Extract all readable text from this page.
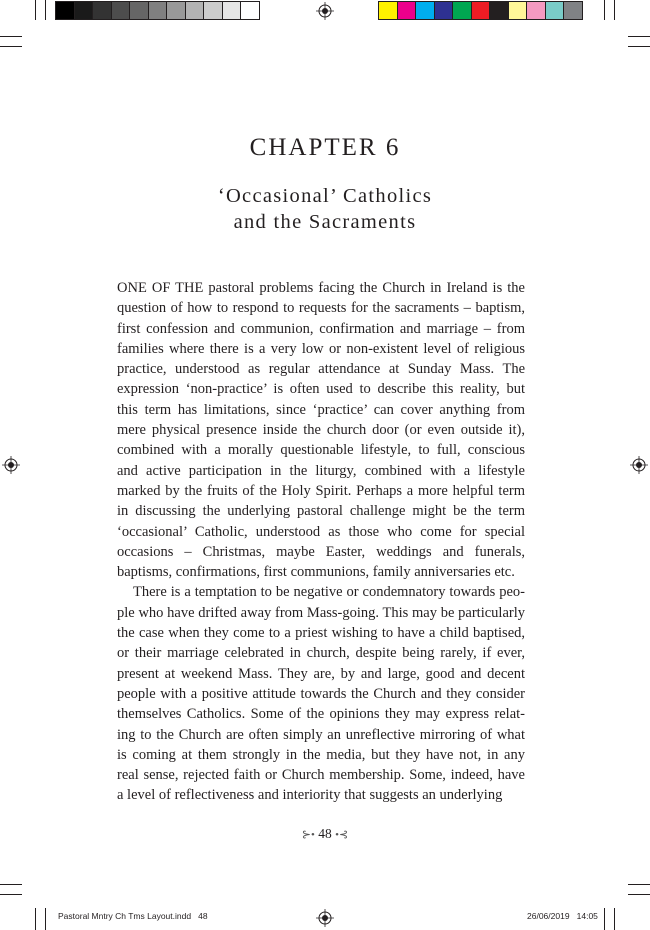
CHAPTER 6
‘Occasional’ Catholics
and the Sacraments
ONE OF THE pastoral problems facing the Church in Ireland is the
question of how to respond to requests for the sacraments – baptism,
first confession and communion, confirmation and marriage – from
families where there is a very low or non-existent level of religious
practice, understood as regular attendance at Sunday Mass. The
expression ‘non-practice’ is often used to describe this reality, but
this term has limitations, since ‘practice’ can cover anything from
mere physical presence inside the church door (or even outside it),
combined with a morally questionable lifestyle, to full, conscious
and active participation in the liturgy, combined with a lifestyle
marked by the fruits of the Holy Spirit. Perhaps a more helpful term
in discussing the underlying pastoral challenge might be the term
‘occasional’ Catholic, understood as those who come for special
occasions – Christmas, maybe Easter, weddings and funerals,
baptisms, confirmations, first communions, family anniversaries etc.
There is a temptation to be negative or condemnatory towards peo-
ple who have drifted away from Mass-going. This may be particularly
the case when they come to a priest wishing to have a child baptised,
or their marriage celebrated in church, despite being rarely, if ever,
present at weekend Mass. They are, by and large, good and decent
people with a positive attitude towards the Church and they consider
themselves Catholics. Some of the opinions they may express relat-
ing to the Church are often simply an unreflective mirroring of what
is coming at them strongly in the media, but they have not, in any
real sense, rejected faith or Church membership. Some, indeed, have
a level of reflectiveness and interiority that suggests an underlying
⊱• 48 •⊰
Pastoral Mntry Ch Tms Layout.indd   48	26/06/2019   14:05
